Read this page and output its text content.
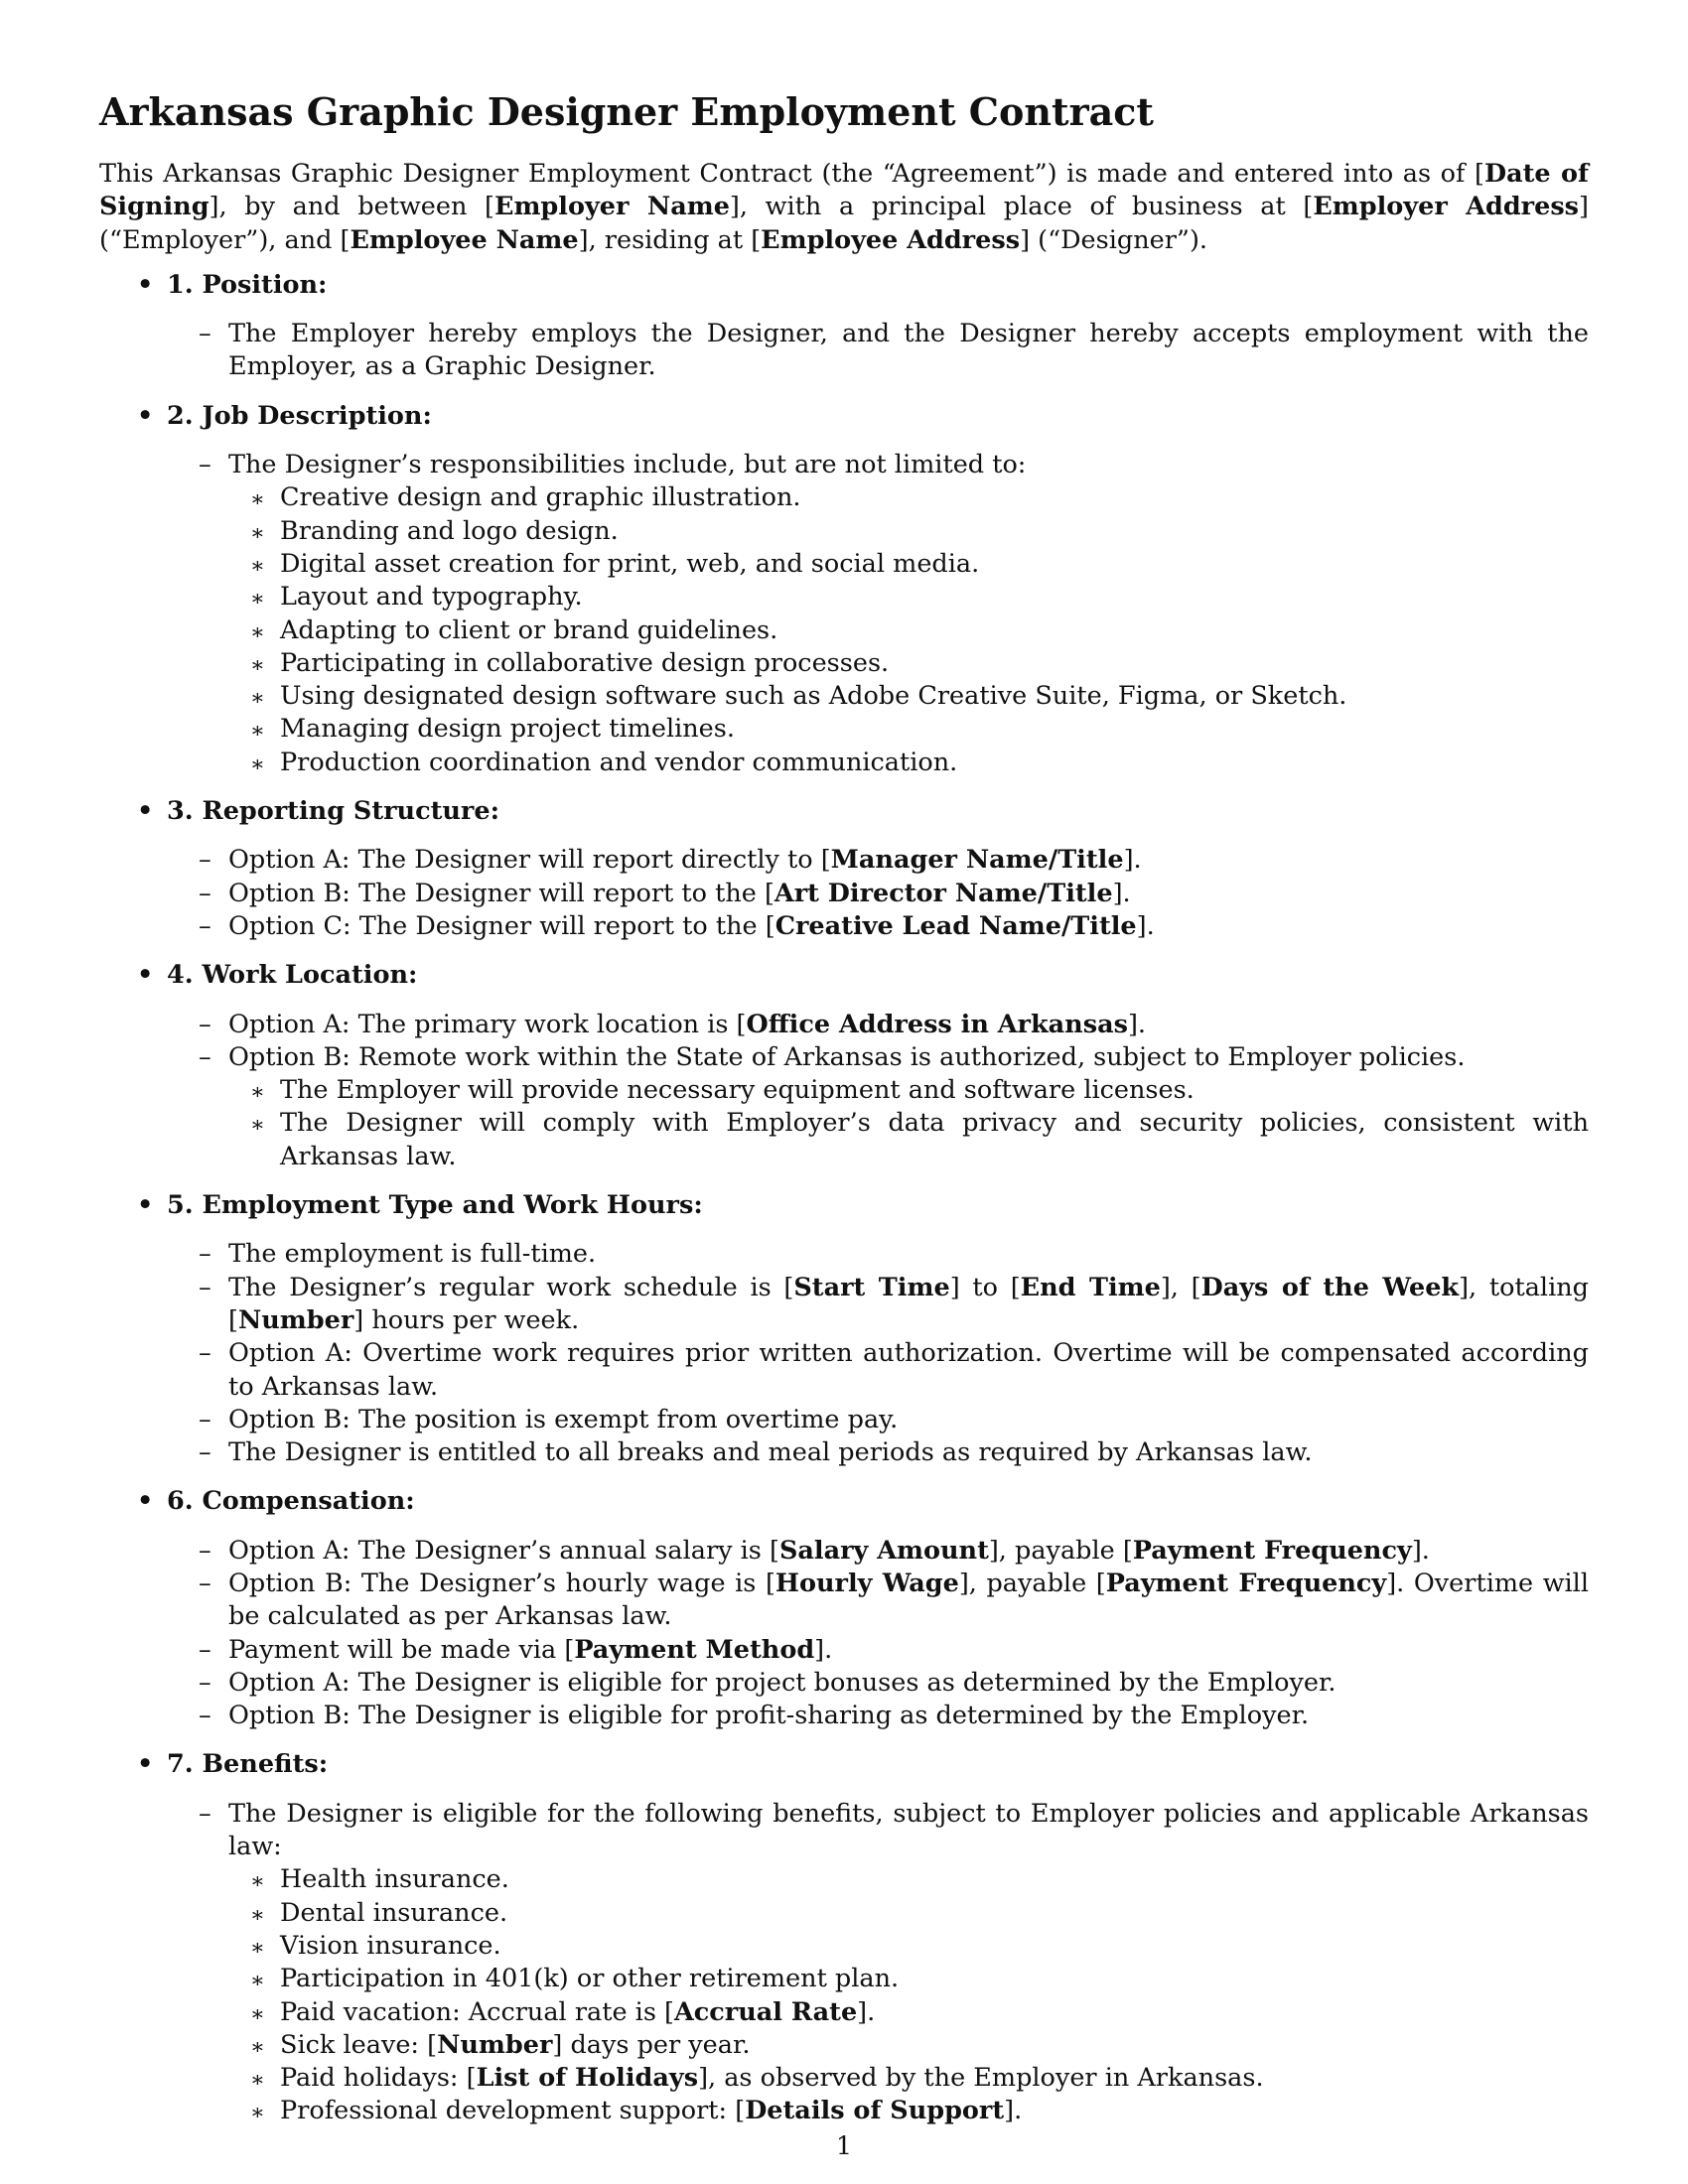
Arkansas Graphic Designer Employment Contract

This Arkansas Graphic Designer Employment Contract (the “Agreement”) is made and entered into as of [Date of Signing], by and between [Employer Name], with a principal place of business at [Employer Address] (“Employer”), and [Employee Name], residing at [Employee Address] (“Designer”).

• 1. Position:
– The Employer hereby employs the Designer, and the Designer hereby accepts employment with the Employer, as a Graphic Designer.
• 2. Job Description:
– The Designer’s responsibilities include, but are not limited to:
∗ Creative design and graphic illustration.
∗ Branding and logo design.
∗ Digital asset creation for print, web, and social media.
∗ Layout and typography.
∗ Adapting to client or brand guidelines.
∗ Participating in collaborative design processes.
∗ Using designated design software such as Adobe Creative Suite, Figma, or Sketch.
∗ Managing design project timelines.
∗ Production coordination and vendor communication.
• 3. Reporting Structure:
– Option A: The Designer will report directly to [Manager Name/Title].
– Option B: The Designer will report to the [Art Director Name/Title].
– Option C: The Designer will report to the [Creative Lead Name/Title].
• 4. Work Location:
– Option A: The primary work location is [Office Address in Arkansas].
– Option B: Remote work within the State of Arkansas is authorized, subject to Employer policies.
∗ The Employer will provide necessary equipment and software licenses.
∗ The Designer will comply with Employer’s data privacy and security policies, consistent with Arkansas law.
• 5. Employment Type and Work Hours:
– The employment is full-time.
– The Designer’s regular work schedule is [Start Time] to [End Time], [Days of the Week], totaling [Number] hours per week.
– Option A: Overtime work requires prior written authorization. Overtime will be compensated according to Arkansas law.
– Option B: The position is exempt from overtime pay.
– The Designer is entitled to all breaks and meal periods as required by Arkansas law.
• 6. Compensation:
– Option A: The Designer’s annual salary is [Salary Amount], payable [Payment Frequency].
– Option B: The Designer’s hourly wage is [Hourly Wage], payable [Payment Frequency]. Overtime will be calculated as per Arkansas law.
– Payment will be made via [Payment Method].
– Option A: The Designer is eligible for project bonuses as determined by the Employer.
– Option B: The Designer is eligible for profit-sharing as determined by the Employer.
• 7. Benefits:
– The Designer is eligible for the following benefits, subject to Employer policies and applicable Arkansas law:
∗ Health insurance.
∗ Dental insurance.
∗ Vision insurance.
∗ Participation in 401(k) or other retirement plan.
∗ Paid vacation: Accrual rate is [Accrual Rate].
∗ Sick leave: [Number] days per year.
∗ Paid holidays: [List of Holidays], as observed by the Employer in Arkansas.
∗ Professional development support: [Details of Support].
1
